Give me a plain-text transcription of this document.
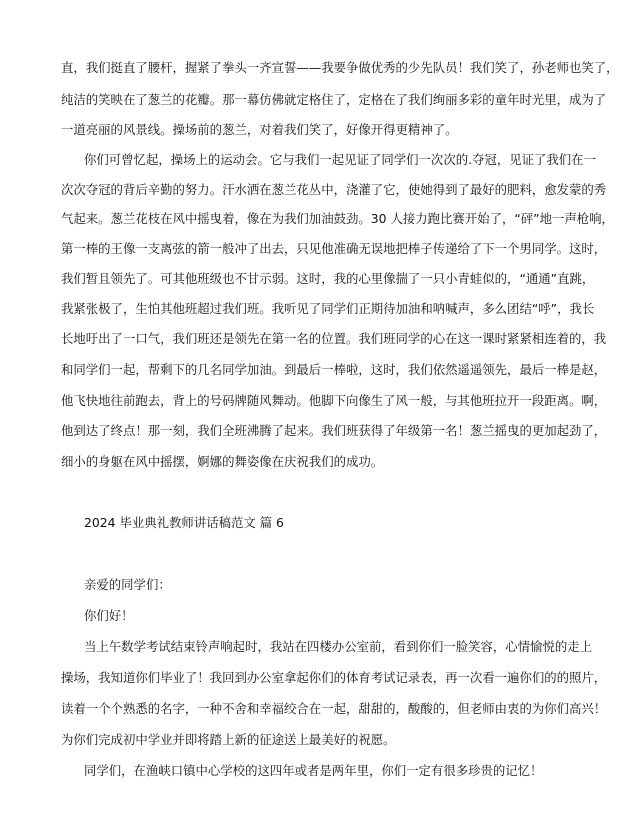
直，我们挺直了腰杆，握紧了拳头一齐宣誓——我要争做优秀的少先队员！我们笑了，孙老师也笑了，
纯洁的笑映在了葱兰的花瓣。那一幕仿佛就定格住了，定格在了我们绚丽多彩的童年时光里，成为了
一道亮丽的风景线。操场前的葱兰，对着我们笑了，好像开得更精神了。
你们可曾忆起，操场上的运动会。它与我们一起见证了同学们一次次的.夺冠，见证了我们在一
次次夺冠的背后辛勤的努力。汗水洒在葱兰花丛中，浇灌了它，使她得到了最好的肥料，愈发蒙的秀
气起来。葱兰花枝在风中摇曳着，像在为我们加油鼓劲。30 人接力跑比赛开始了，“砰”地一声枪响，
第一棒的王像一支离弦的箭一般冲了出去，只见他准确无误地把棒子传递给了下一个男同学。这时，
我们暂且领先了。可其他班级也不甘示弱。这时，我的心里像揣了一只小青蛙似的，“通通”直跳，
我紧张极了，生怕其他班超过我们班。我听见了同学们正期待加油和呐喊声，多么团结“呼”，我长
长地吁出了一口气，我们班还是领先在第一名的位置。我们班同学的心在这一课时紧紧相连着的，我
和同学们一起，帮剩下的几名同学加油。到最后一棒啦，这时，我们依然遥遥领先，最后一棒是赵，
他飞快地往前跑去，背上的号码牌随风舞动。他脚下向像生了风一般，与其他班拉开一段距离。啊，
他到达了终点！那一刻，我们全班沸腾了起来。我们班获得了年级第一名！葱兰摇曳的更加起劲了，
细小的身躯在风中摇摆，婀娜的舞姿像在庆祝我们的成功。
2024 毕业典礼教师讲话稿范文 篇 6
亲爱的同学们：
你们好！
当上午数学考试结束铃声响起时，我站在四楼办公室前，看到你们一脸笑容，心情愉悦的走上
操场，我知道你们毕业了！我回到办公室拿起你们的体育考试记录表，再一次看一遍你们的的照片，
读着一个个熟悉的名字，一种不舍和幸福绞合在一起，甜甜的，酸酸的，但老师由衷的为你们高兴！
为你们完成初中学业并即将踏上新的征途送上最美好的祝愿。
同学们，在渔峡口镇中心学校的这四年或者是两年里，你们一定有很多珍贵的记忆！
